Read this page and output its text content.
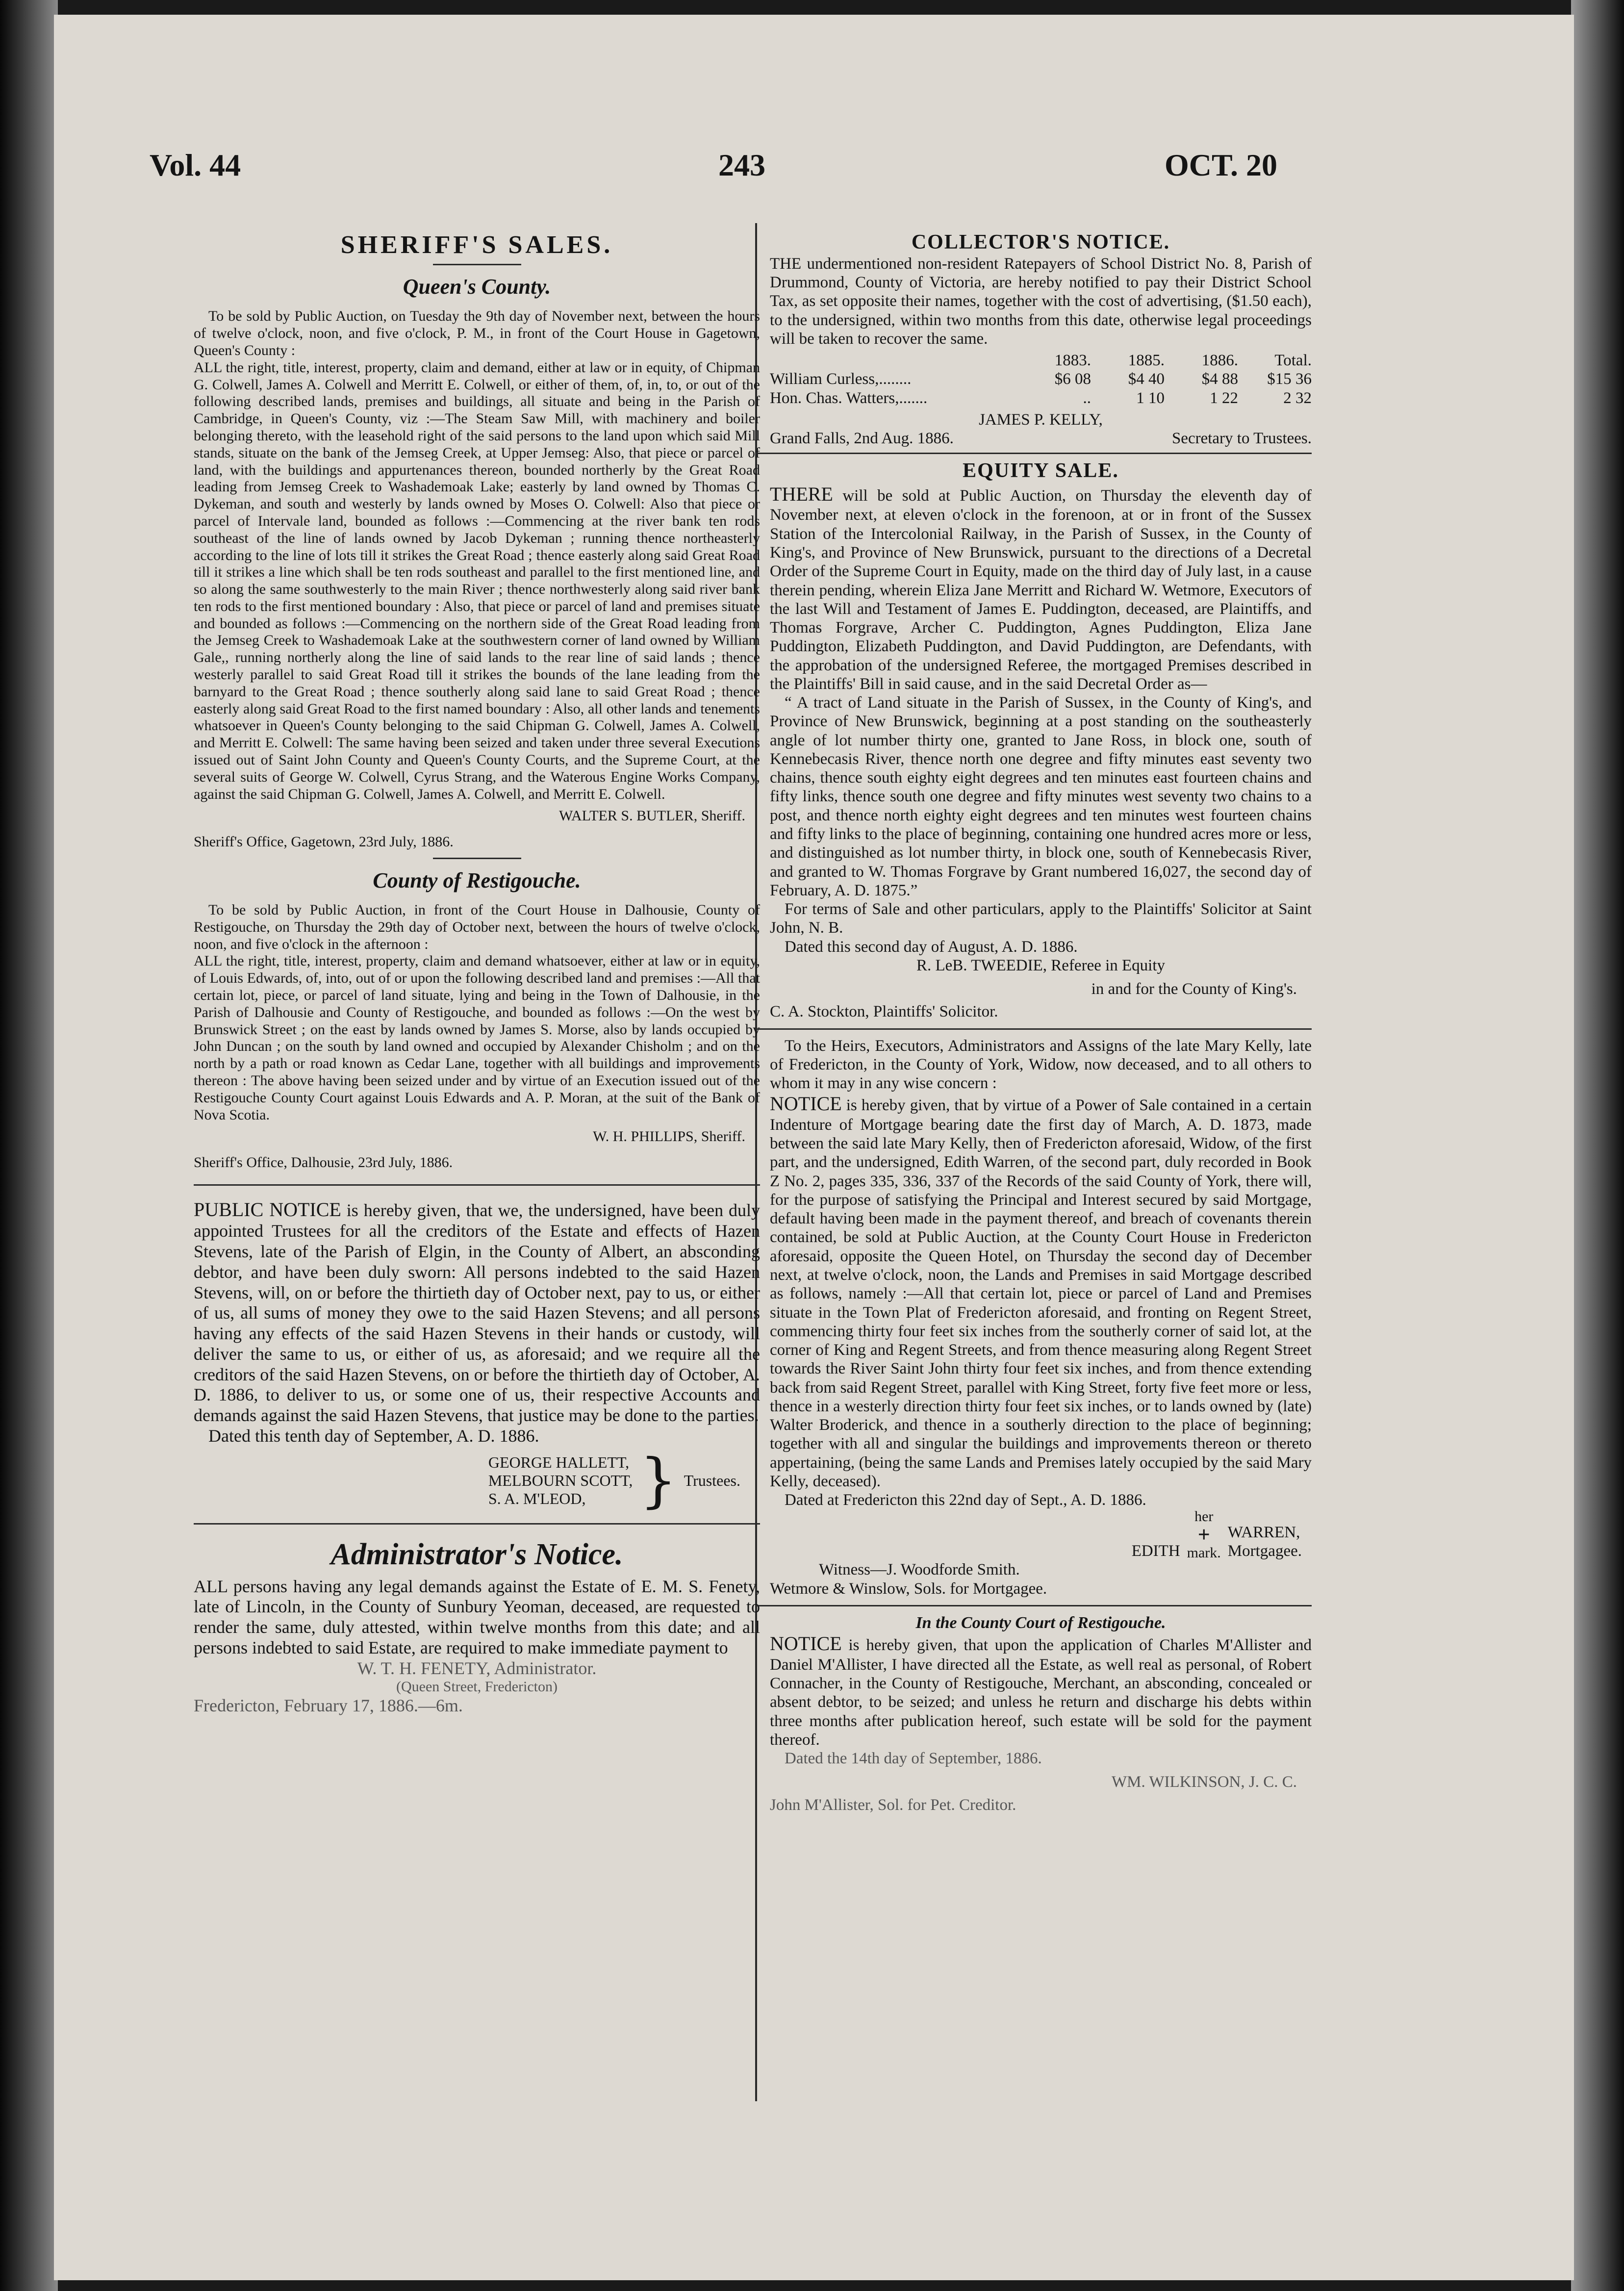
Vol. 44	243	OCT. 20
SHERIFF'S SALES.
Queen's County.

To be sold by Public Auction, on Tuesday the 9th day of November next, between the hours of twelve o'clock, noon, and five o'clock, P. M., in front of the Court House in Gagetown, Queen's County :

ALL the right, title, interest, property, claim and demand, either at law or in equity, of Chipman G. Colwell, James A. Colwell and Merritt E. Colwell, or either of them, of, in, to, or out of the following described lands, premises and buildings, all situate and being in the Parish of Cambridge, in Queen's County, viz :—The Steam Saw Mill, with machinery and boiler belonging thereto, with the leasehold right of the said persons to the land upon which said Mill stands, situate on the bank of the Jemseg Creek, at Upper Jemseg: Also, that piece or parcel of land, with the buildings and appurtenances thereon, bounded northerly by the Great Road leading from Jemseg Creek to Washademoak Lake; easterly by land owned by Thomas C. Dykeman, and south and westerly by lands owned by Moses O. Colwell: Also that piece or parcel of Intervale land, bounded as follows :—Commencing at the river bank ten rods southeast of the line of lands owned by Jacob Dykeman ; running thence northeasterly according to the line of lots till it strikes the Great Road ; thence easterly along said Great Road till it strikes a line which shall be ten rods southeast and parallel to the first mentioned line, and so along the same southwesterly to the main River ; thence northwesterly along said river bank ten rods to the first mentioned boundary : Also, that piece or parcel of land and premises situate and bounded as follows :—Commencing on the northern side of the Great Road leading from the Jemseg Creek to Washademoak Lake at the southwestern corner of land owned by William Gale,, running northerly along the line of said lands to the rear line of said lands ; thence westerly parallel to said Great Road till it strikes the bounds of the lane leading from the barnyard to the Great Road ; thence southerly along said lane to said Great Road ; thence easterly along said Great Road to the first named boundary : Also, all other lands and tenements whatsoever in Queen's County belonging to the said Chipman G. Colwell, James A. Colwell, and Merritt E. Colwell: The same having been seized and taken under three several Executions issued out of Saint John County and Queen's County Courts, and the Supreme Court, at the several suits of George W. Colwell, Cyrus Strang, and the Waterous Engine Works Company, against the said Chipman G. Colwell, James A. Colwell, and Merritt E. Colwell.

WALTER S. BUTLER, Sheriff.
Sheriff's Office, Gagetown, 23rd July, 1886.
County of Restigouche.

To be sold by Public Auction, in front of the Court House in Dalhousie, County of Restigouche, on Thursday the 29th day of October next, between the hours of twelve o'clock, noon, and five o'clock in the afternoon :

ALL the right, title, interest, property, claim and demand whatsoever, either at law or in equity, of Louis Edwards, of, into, out of or upon the following described land and premises :—All that certain lot, piece, or parcel of land situate, lying and being in the Town of Dalhousie, in the Parish of Dalhousie and County of Restigouche, and bounded as follows :—On the west by Brunswick Street ; on the east by lands owned by James S. Morse, also by lands occupied by John Duncan ; on the south by land owned and occupied by Alexander Chisholm ; and on the north by a path or road known as Cedar Lane, together with all buildings and improvements thereon : The above having been seized under and by virtue of an Execution issued out of the Restigouche County Court against Louis Edwards and A. P. Moran, at the suit of the Bank of Nova Scotia.

W. H. PHILLIPS, Sheriff.
Sheriff's Office, Dalhousie, 23rd July, 1886.

PUBLIC NOTICE is hereby given, that we, the undersigned, have been duly appointed Trustees for all the creditors of the Estate and effects of Hazen Stevens, late of the Parish of Elgin, in the County of Albert, an absconding debtor, and have been duly sworn: All persons indebted to the said Hazen Stevens, will, on or before the thirtieth day of October next, pay to us, or either of us, all sums of money they owe to the said Hazen Stevens; and all persons having any effects of the said Hazen Stevens in their hands or custody, will deliver the same to us, or either of us, as aforesaid; and we require all the creditors of the said Hazen Stevens, on or before the thirtieth day of October, A. D. 1886, to deliver to us, or some one of us, their respective Accounts and demands against the said Hazen Stevens, that justice may be done to the parties.

Dated this tenth day of September, A. D. 1886.

GEORGE HALLETT,
MELBOURN SCOTT,
S. A. M'LEOD, } Trustees.
Administrator's Notice.

ALL persons having any legal demands against the Estate of E. M. S. Fenety, late of Lincoln, in the County of Sunbury Yeoman, deceased, are requested to render the same, duly attested, within twelve months from this date; and all persons indebted to said Estate, are required to make immediate payment to

W. T. H. FENETY, Administrator.
(Queen Street, Fredericton)
Fredericton, February 17, 1886.—6m.
COLLECTOR'S NOTICE.

THE undermentioned non-resident Ratepayers of School District No. 8, Parish of Drummond, County of Victoria, are hereby notified to pay their District School Tax, as set opposite their names, together with the cost of advertising, ($1.50 each), to the undersigned, within two months from this date, otherwise legal proceedings will be taken to recover the same.

1883.	1885.	1886.	Total.
William Curless,........	$6 08	$4 40	$4 88	$15 36
Hon. Chas. Watters,.......	..	1 10	1 22	2 32
JAMES P. KELLY,
Grand Falls, 2nd Aug. 1886.	Secretary to Trustees.
EQUITY SALE.

THERE will be sold at Public Auction, on Thursday the eleventh day of November next, at eleven o'clock in the forenoon, at or in front of the Sussex Station of the Intercolonial Railway, in the Parish of Sussex, in the County of King's, and Province of New Brunswick, pursuant to the directions of a Decretal Order of the Supreme Court in Equity, made on the third day of July last, in a cause therein pending, wherein Eliza Jane Merritt and Richard W. Wetmore, Executors of the last Will and Testament of James E. Puddington, deceased, are Plaintiffs, and Thomas Forgrave, Archer C. Puddington, Agnes Puddington, Eliza Jane Puddington, Elizabeth Puddington, and David Puddington, are Defendants, with the approbation of the undersigned Referee, the mortgaged Premises described in the Plaintiffs' Bill in said cause, and in the said Decretal Order as—

“ A tract of Land situate in the Parish of Sussex, in the County of King's, and Province of New Brunswick, beginning at a post standing on the southeasterly angle of lot number thirty one, granted to Jane Ross, in block one, south of Kennebecasis River, thence north one degree and fifty minutes east seventy two chains, thence south eighty eight degrees and ten minutes east fourteen chains and fifty links, thence south one degree and fifty minutes west seventy two chains to a post, and thence north eighty eight degrees and ten minutes west fourteen chains and fifty links to the place of beginning, containing one hundred acres more or less, and distinguished as lot number thirty, in block one, south of Kennebecasis River, and granted to W. Thomas Forgrave by Grant numbered 16,027, the second day of February, A. D. 1875.”

For terms of Sale and other particulars, apply to the Plaintiffs' Solicitor at Saint John, N. B.

Dated this second day of August, A. D. 1886.

R. LeB. TWEEDIE, Referee in Equity
in and for the County of King's.
C. A. Stockton, Plaintiffs' Solicitor.

To the Heirs, Executors, Administrators and Assigns of the late Mary Kelly, late of Fredericton, in the County of York, Widow, now deceased, and to all others to whom it may in any wise concern :

NOTICE is hereby given, that by virtue of a Power of Sale contained in a certain Indenture of Mortgage bearing date the first day of March, A. D. 1873, made between the said late Mary Kelly, then of Fredericton aforesaid, Widow, of the first part, and the undersigned, Edith Warren, of the second part, duly recorded in Book Z No. 2, pages 335, 336, 337 of the Records of the said County of York, there will, for the purpose of satisfying the Principal and Interest secured by said Mortgage, default having been made in the payment thereof, and breach of covenants therein contained, be sold at Public Auction, at the County Court House in Fredericton aforesaid, opposite the Queen Hotel, on Thursday the second day of December next, at twelve o'clock, noon, the Lands and Premises in said Mortgage described as follows, namely :—All that certain lot, piece or parcel of Land and Premises situate in the Town Plat of Fredericton aforesaid, and fronting on Regent Street, commencing thirty four feet six inches from the southerly corner of said lot, at the corner of King and Regent Streets, and from thence measuring along Regent Street towards the River Saint John thirty four feet six inches, and from thence extending back from said Regent Street, parallel with King Street, forty five feet more or less, thence in a westerly direction thirty four feet six inches, or to lands owned by (late) Walter Broderick, and thence in a southerly direction to the place of beginning; together with all and singular the buildings and improvements thereon or thereto appertaining, (being the same Lands and Premises lately occupied by the said Mary Kelly, deceased).

Dated at Fredericton this 22nd day of Sept., A. D. 1886.

EDITH
her
+
mark.
WARREN,
Mortgagee.
Witness—J. Woodforde Smith.
Wetmore & Winslow, Sols. for Mortgagee.
In the County Court of Restigouche.

NOTICE is hereby given, that upon the application of Charles M'Allister and Daniel M'Allister, I have directed all the Estate, as well real as personal, of Robert Connacher, in the County of Restigouche, Merchant, an absconding, concealed or absent debtor, to be seized; and unless he return and discharge his debts within three months after publication hereof, such estate will be sold for the payment thereof.

Dated the 14th day of September, 1886.

WM. WILKINSON, J. C. C.
John M'Allister, Sol. for Pet. Creditor.
